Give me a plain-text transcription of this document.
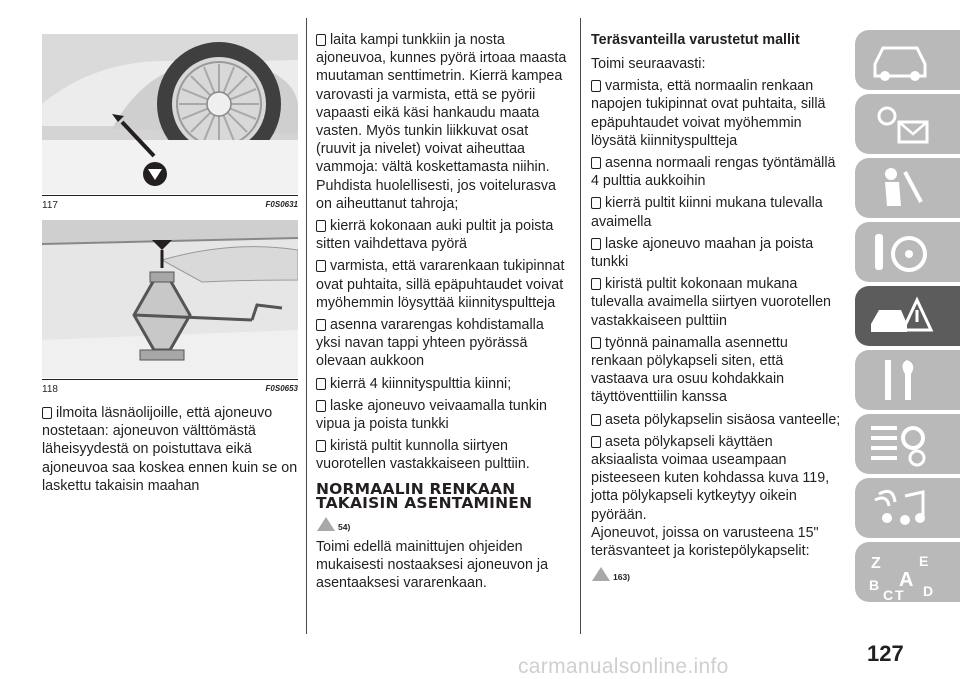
117	F0S0631
118	F0S0653

ilmoita läsnäolijoille, että ajoneuvo nostetaan: ajoneuvon välttömästä läheisyydestä on poistuttava eikä ajoneuvoa saa koskea ennen kuin se on laskettu takaisin maahan

laita kampi tunkkiin ja nosta ajoneuvoa, kunnes pyörä irtoaa maasta muutaman senttimetrin. Kierrä kampea varovasti ja varmista, että se pyörii vapaasti eikä käsi hankaudu maata vasten. Myös tunkin liikkuvat osat (ruuvit ja nivelet) voivat aiheuttaa vammoja: vältä koskettamasta niihin. Puhdista huolellisesti, jos voitelurasva on aiheuttanut tahroja;

kierrä kokonaan auki pultit ja poista sitten vaihdettava pyörä

varmista, että vararenkaan tukipinnat ovat puhtaita, sillä epäpuhtaudet voivat myöhemmin löysyttää kiinnityspultteja

asenna vararengas kohdistamalla yksi navan tappi yhteen pyörässä olevaan aukkoon

kierrä 4 kiinnityspulttia kiinni;

laske ajoneuvo veivaamalla tunkin vipua ja poista tunkki

kiristä pultit kunnolla siirtyen vuorotellen vastakkaiseen pulttiin.

NORMAALIN RENKAAN

TAKAISIN ASENTAMINEN

54)

Toimi edellä mainittujen ohjeiden mukaisesti nostaaksesi ajoneuvon ja asentaaksesi vararenkaan.

Teräsvanteilla varustetut mallit

Toimi seuraavasti:

varmista, että normaalin renkaan napojen tukipinnat ovat puhtaita, sillä epäpuhtaudet voivat myöhemmin löysätä kiinnityspultteja

asenna normaali rengas työntämällä 4 pulttia aukkoihin

kierrä pultit kiinni mukana tulevalla avaimella

laske ajoneuvo maahan ja poista tunkki

kiristä pultit kokonaan mukana tulevalla avaimella siirtyen vuorotellen vastakkaiseen pulttiin

työnnä painamalla asennettu renkaan pölykapseli siten, että vastaava ura osuu kohdakkain täyttöventtiilin kanssa

aseta pölykapselin sisäosa vanteelle;

aseta pölykapseli käyttäen aksiaalista voimaa useampaan pisteeseen kuten kohdassa kuva 119, jotta pölykapseli kytkeytyy oikein pyörään.

Ajoneuvot, joissa on varusteena 15" teräsvanteet ja koristepölykapselit:

163)
Z	E
B A
C T D
127
carmanualsonline.info
